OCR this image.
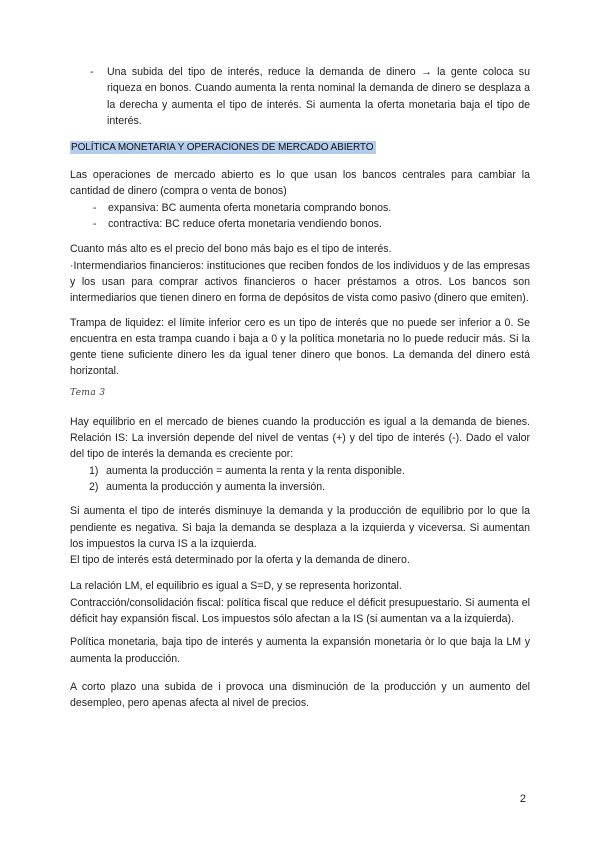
-	Una subida del tipo de interés, reduce la demanda de dinero → la gente coloca su riqueza en bonos. Cuando aumenta la renta nominal la demanda de dinero se desplaza a la derecha y aumenta el tipo de interés. Si aumenta la oferta monetaria baja el tipo de interés.

POLÍTICA MONETARIA Y OPERACIONES DE MERCADO ABIERTO

Las operaciones de mercado abierto es lo que usan los bancos centrales para cambiar la cantidad de dinero (compra o venta de bonos)

-	expansiva: BC aumenta oferta monetaria comprando bonos.

-	contractiva: BC reduce oferta monetaria vendiendo bonos.

Cuanto más alto es el precio del bono más bajo es el tipo de interés.

·Intermendiarios financieros: instituciones que reciben fondos de los individuos y de las empresas y los usan para comprar activos financieros o hacer préstamos a otros. Los bancos son intermediarios que tienen dinero en forma de depósitos de vista como pasivo (dinero que emiten).

Trampa de liquidez: el límite inferior cero es un tipo de interés que no puede ser inferior a 0. Se encuentra en esta trampa cuando i baja a 0 y la política monetaria no lo puede reducir más. Si la gente tiene suficiente dinero les da igual tener dinero que bonos. La demanda del dinero está horizontal.

Tema 3

Hay equilibrio en el mercado de bienes cuando la producción es igual a la demanda de bienes. Relación IS: La inversión depende del nivel de ventas (+) y del tipo de interés (-). Dado el valor del tipo de interés la demanda es creciente por:

1) aumenta la producción = aumenta la renta y la renta disponible.

2) aumenta la producción y aumenta la inversión.

Si aumenta el tipo de interés disminuye la demanda y la producción de equilibrio por lo que la pendiente es negativa. Si baja la demanda se desplaza a la izquierda y viceversa. Si aumentan los impuestos la curva IS a la izquierda.

El tipo de interés está determinado por la oferta y la demanda de dinero.

La relación LM, el equilibrio es igual a S=D, y se representa horizontal.

Contracción/consolidación fiscal: política fiscal que reduce el déficit presupuestario. Si aumenta el déficit hay expansión fiscal. Los impuestos sólo afectan a la IS (si aumentan va a la izquierda).

Política monetaria, baja tipo de interés y aumenta la expansión monetaria òr lo que baja la LM y aumenta la producción.

A corto plazo una subida de i provoca una disminución de la producción y un aumento del desempleo, pero apenas afecta al nivel de precios.

2
